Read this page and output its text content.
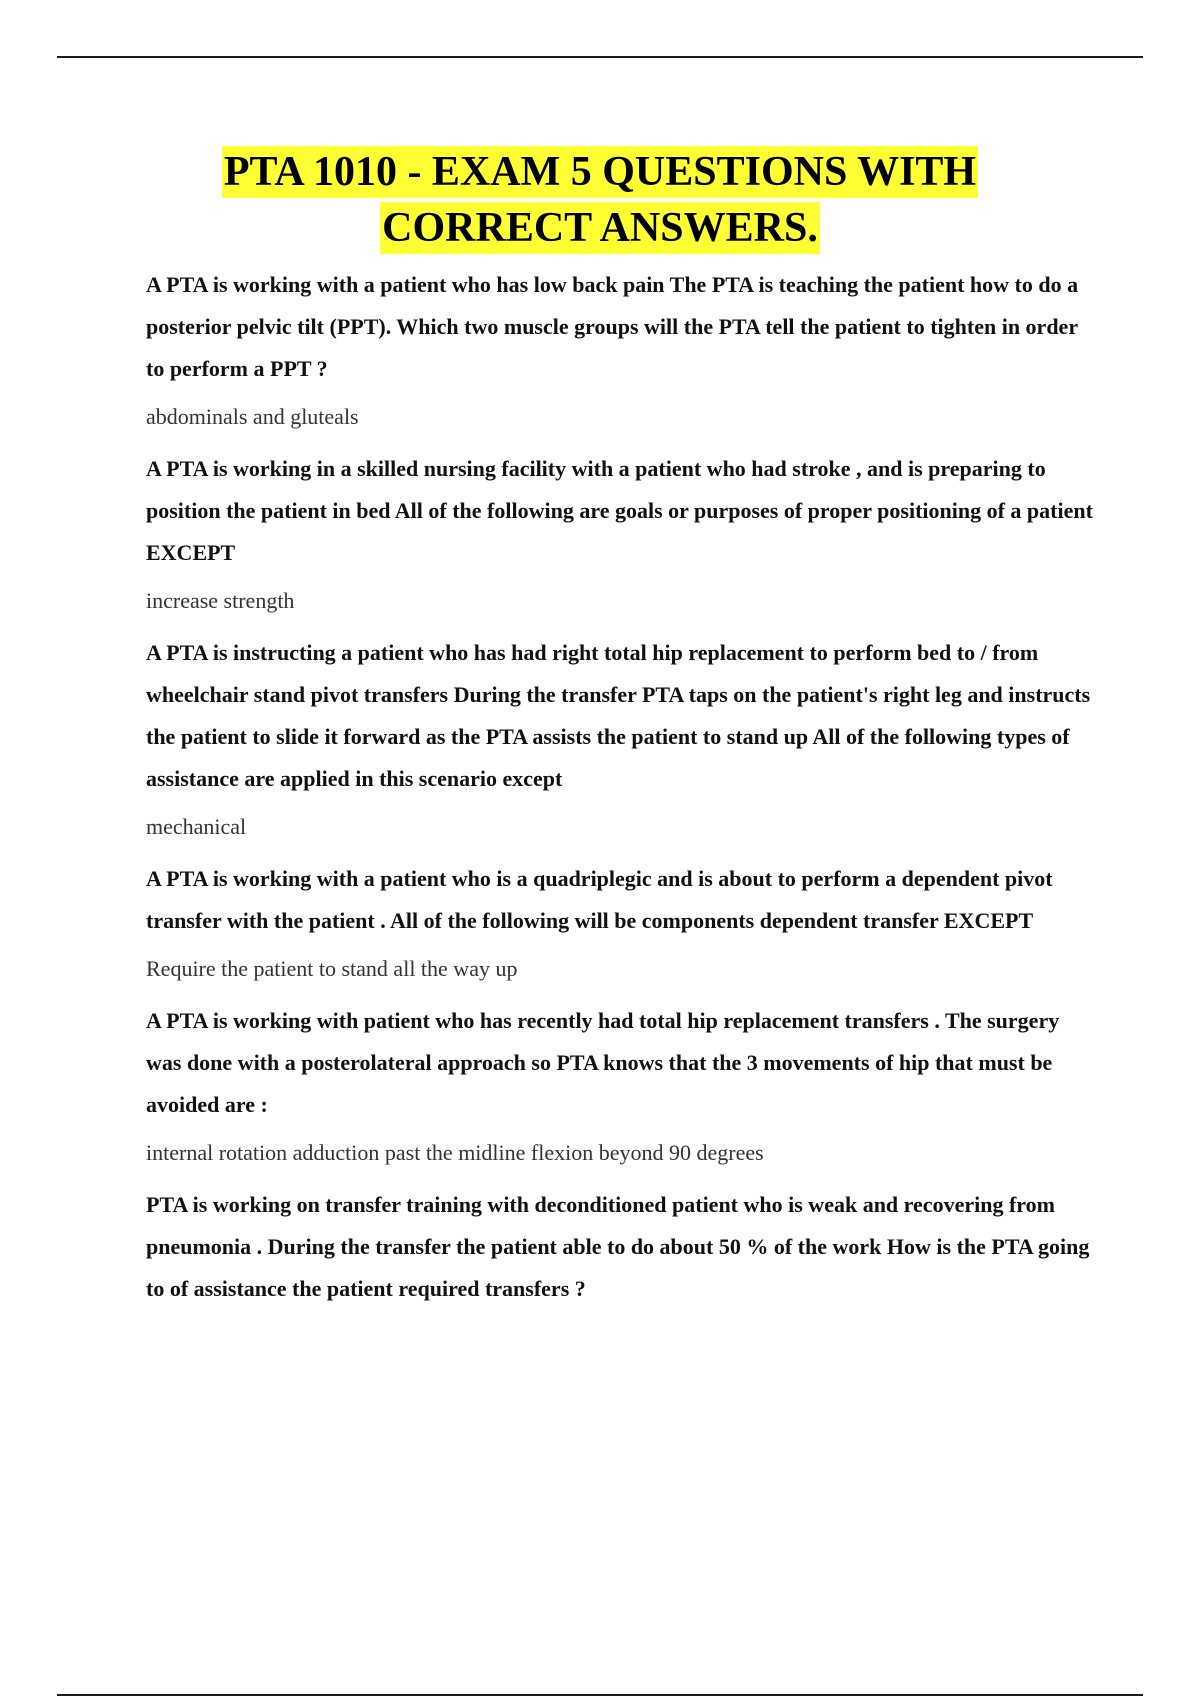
PTA 1010 - EXAM 5 QUESTIONS WITH
CORRECT ANSWERS.

A PTA is working with a patient who has low back pain The PTA is teaching the patient how to do a posterior pelvic tilt (PPT). Which two muscle groups will the PTA tell the patient to tighten in order to perform a PPT ?

abdominals and gluteals

A PTA is working in a skilled nursing facility with a patient who had stroke , and is preparing to position the patient in bed All of the following are goals or purposes of proper positioning of a patient EXCEPT

increase strength

A PTA is instructing a patient who has had right total hip replacement to perform bed to / from wheelchair stand pivot transfers During the transfer PTA taps on the patient's right leg and instructs the patient to slide it forward as the PTA assists the patient to stand up All of the following types of assistance are applied in this scenario except

mechanical

A PTA is working with a patient who is a quadriplegic and is about to perform a dependent pivot transfer with the patient . All of the following will be components dependent transfer EXCEPT

Require the patient to stand all the way up

A PTA is working with patient who has recently had total hip replacement transfers . The surgery was done with a posterolateral approach so PTA knows that the 3 movements of hip that must be avoided are :

internal rotation adduction past the midline flexion beyond 90 degrees

PTA is working on transfer training with deconditioned patient who is weak and recovering from pneumonia . During the transfer the patient able to do about 50 % of the work How is the PTA going to of assistance the patient required transfers ?
